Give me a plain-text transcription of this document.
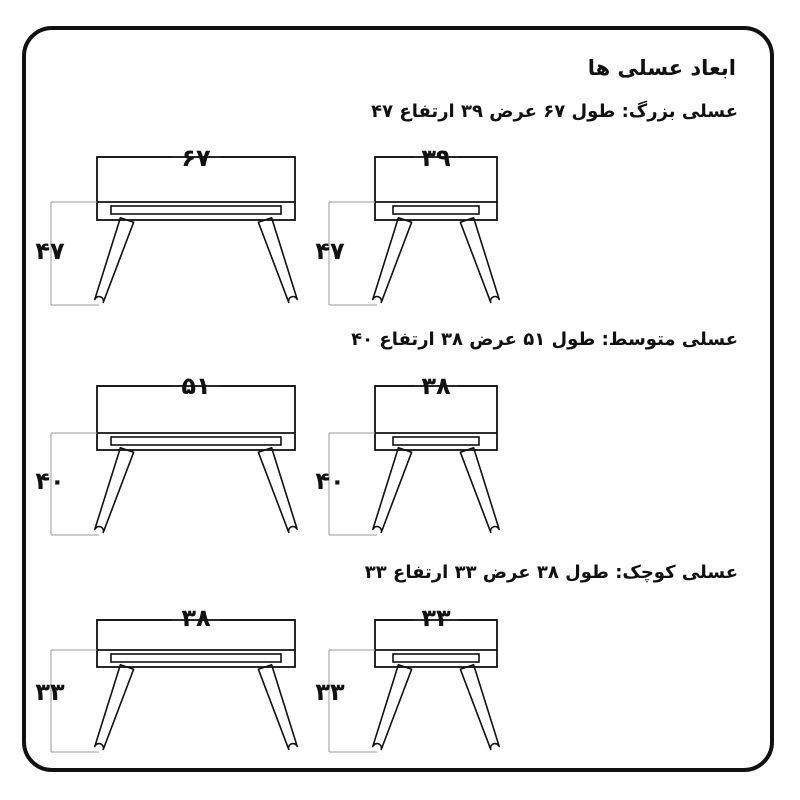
ابعاد عسلی ها
عسلی بزرگ: طول ۶۷ عرض ۳۹ ارتفاع ۴۷
عسلی متوسط: طول ۵۱ عرض ۳۸ ارتفاع ۴۰
عسلی کوچک: طول ۳۸ عرض ۳۳ ارتفاع ۳۳
۶۷
۴۷
۳۹
۴۷
۵۱
۴۰
۳۸
۴۰
۳۸
۳۳
۳۳
۳۳
